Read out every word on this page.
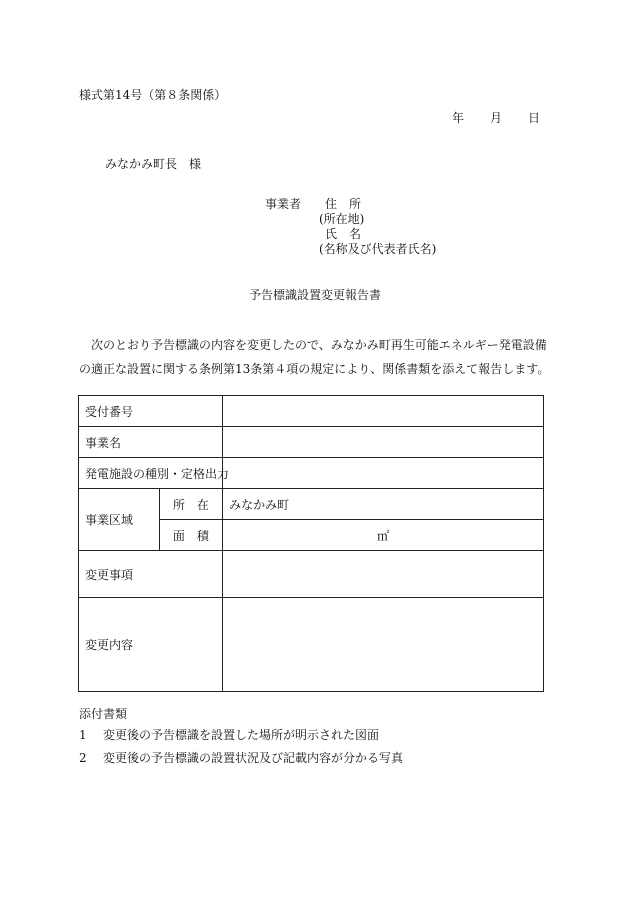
様式第14号（第８条関係）
年 月 日
みなかみ町長　様
事業者 住　所
(所在地)
氏　名
(名称及び代表者氏名)
予告標識設置変更報告書
　次のとおり予告標識の内容を変更したので、みなかみ町再生可能エネルギー発電設備の適正な設置に関する条例第13条第４項の規定により、関係書類を添えて報告します。
受付番号		
事業名		
発電施設の種別・定格出力		
事業区域	所　在	みなかみ町
	面　積	㎡
変更事項		
変更内容		
添付書類
1 変更後の予告標識を設置した場所が明示された図面
2 変更後の予告標識の設置状況及び記載内容が分かる写真
